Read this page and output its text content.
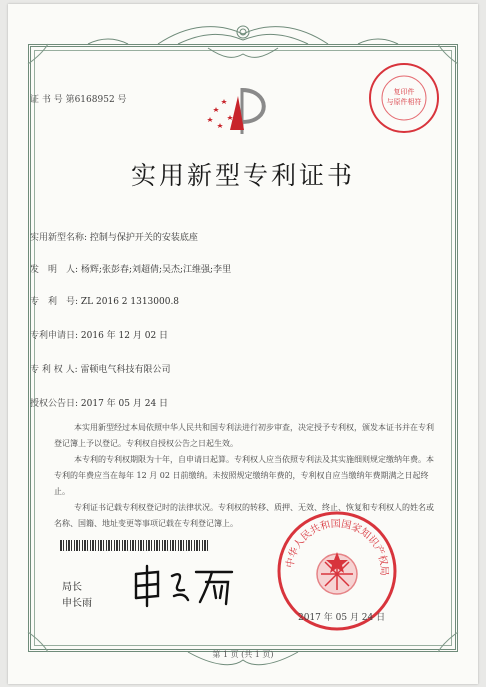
复印件
与原件相符
证 书 号 第6168952 号
实用新型专利证书
实用新型名称: 控制与保护开关的安装底座
发　明　人: 杨辉;张彭春;刘超倩;吴杰;江维强;李里
专　利　号: ZL 2016 2 1313000.8
专利申请日: 2016 年 12 月 02 日
专 利 权 人: 雷顿电气科技有限公司
授权公告日: 2017 年 05 月 24 日
本实用新型经过本局依照中华人民共和国专利法进行初步审查，决定授予专利权，颁发本证书并在专利登记簿上予以登记。专利权自授权公告之日起生效。
本专利的专利权期限为十年，自申请日起算。专利权人应当依照专利法及其实施细则规定缴纳年费。本专利的年费应当在每年 12 月 02 日前缴纳。未按照规定缴纳年费的，专利权自应当缴纳年费期满之日起终止。
专利证书记载专利权登记时的法律状况。专利权的转移、质押、无效、终止、恢复和专利权人的姓名或名称、国籍、地址变更等事项记载在专利登记簿上。
局长
申长雨
中华人民共和国国家知识产权局
2017 年 05 月 24 日
第 1 页 (共 1 页)
